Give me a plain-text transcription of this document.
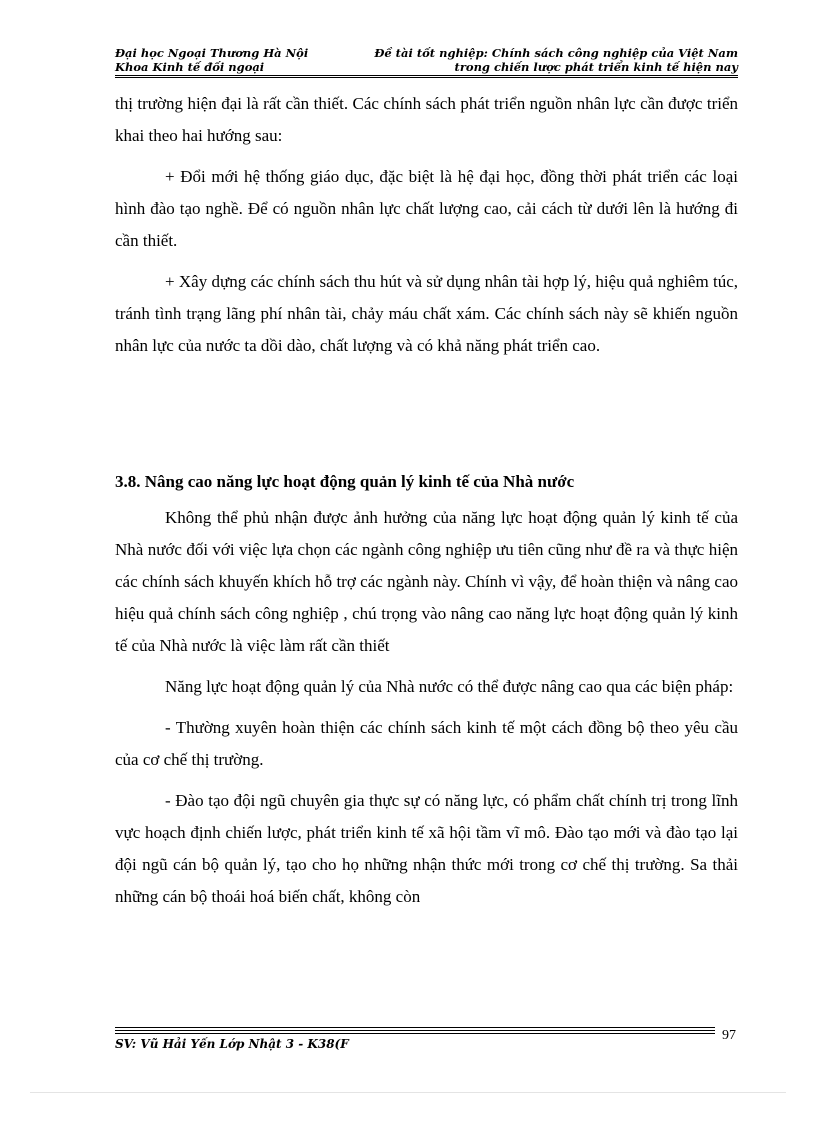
Đại học Ngoại Thương Hà Nội
Khoa Kinh tế đối ngoại
Đề tài tốt nghiệp: Chính sách công nghiệp của Việt Nam
trong chiến lược phát triển kinh tế hiện nay

thị trường hiện đại là rất cần thiết. Các chính sách phát triển nguồn nhân lực cần được triển khai theo hai hướng sau:

+ Đổi mới hệ thống giáo dục, đặc biệt là hệ đại học, đồng thời phát triển các loại hình đào tạo nghề. Để có nguồn nhân lực chất lượng cao, cải cách từ dưới lên là hướng đi cần thiết.

+ Xây dựng các chính sách thu hút và sử dụng nhân tài hợp lý, hiệu quả nghiêm túc, tránh tình trạng lãng phí nhân tài, chảy máu chất xám. Các chính sách này sẽ khiến nguồn nhân lực của nước ta dồi dào, chất lượng và có khả năng phát triển cao.

3.8. Nâng cao năng lực hoạt động quản lý kinh tế của Nhà nước

Không thể phủ nhận được ảnh hưởng của năng lực hoạt động quản lý kinh tế của Nhà nước đối với việc lựa chọn các ngành công nghiệp ưu tiên cũng như đề ra và thực hiện các chính sách khuyến khích hỗ trợ các ngành này. Chính vì vậy, để hoàn thiện và nâng cao hiệu quả chính sách công nghiệp , chú trọng vào nâng cao năng lực hoạt động quản lý kinh tế của Nhà nước là việc làm rất cần thiết

Năng lực hoạt động quản lý của Nhà nước có thể được nâng cao qua các biện pháp:

- Thường xuyên hoàn thiện các chính sách kinh tế một cách đồng bộ theo yêu cầu của cơ chế thị trường.

- Đào tạo đội ngũ chuyên gia thực sự có năng lực, có phẩm chất chính trị trong lĩnh vực hoạch định chiến lược, phát triển kinh tế xã hội tầm vĩ mô. Đào tạo mới và đào tạo lại đội ngũ cán bộ quản lý, tạo cho họ những nhận thức mới trong cơ chế thị trường. Sa thải những cán bộ thoái hoá biến chất, không còn

SV: Vũ Hải Yến Lớp Nhật 3 - K38(F
97
